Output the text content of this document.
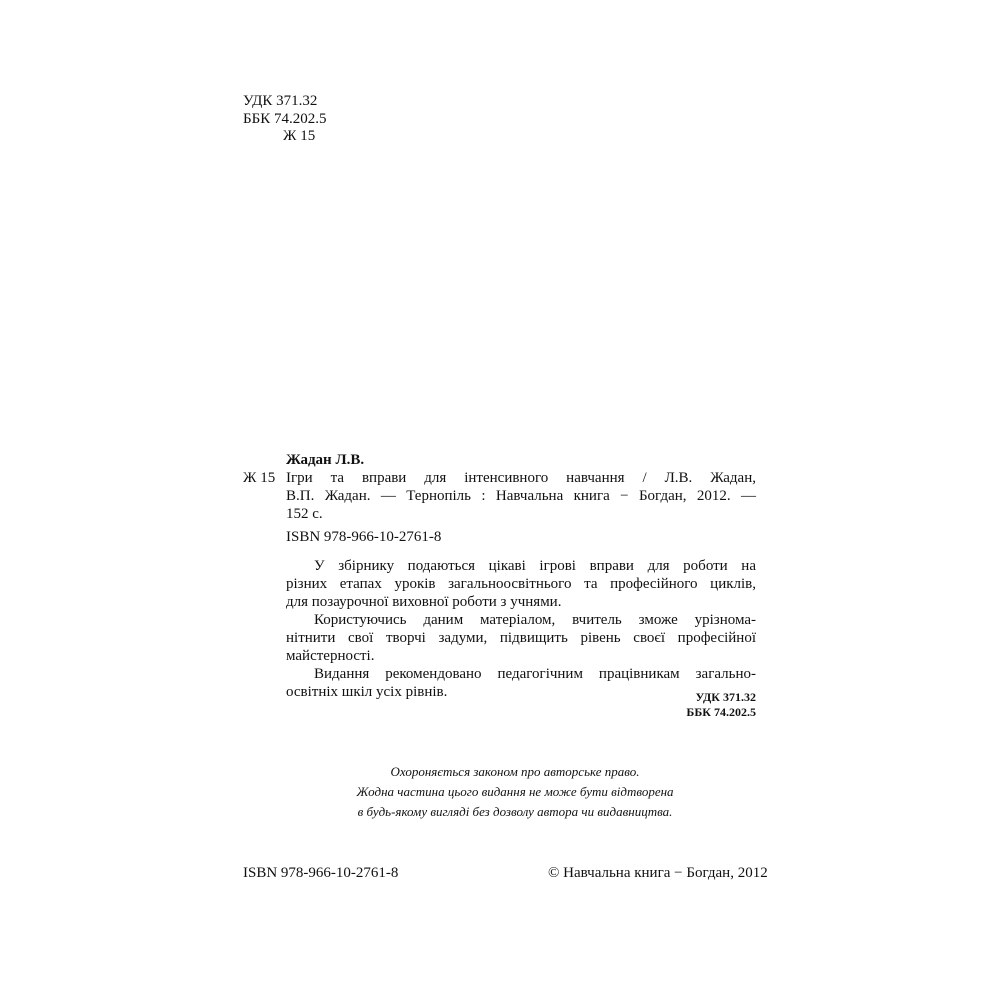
УДК 371.32
ББК 74.202.5
Ж 15
Жадан Л.В.
Ж 15 Ігри та вправи для інтенсивного навчання / Л.В. Жадан,
В.П. Жадан. — Тернопіль : Навчальна книга − Богдан, 2012. —
152 с.
ISBN 978-966-10-2761-8
У збірнику подаються цікаві ігрові вправи для роботи на
різних етапах уроків загальноосвітнього та професійного циклів,
для позаурочної виховної роботи з учнями.
Користуючись даним матеріалом, вчитель зможе урізнома-
нітнити свої творчі задуми, підвищить рівень своєї професійної
майстерності.
Видання рекомендовано педагогічним працівникам загально-
освітніх шкіл усіх рівнів.	УДК 371.32
ББК 74.202.5
Охороняється законом про авторське право.
Жодна частина цього видання не може бути відтворена
в будь-якому вигляді без дозволу автора чи видавництва.
ISBN 978-966-10-2761-8	© Навчальна книга − Богдан, 2012
